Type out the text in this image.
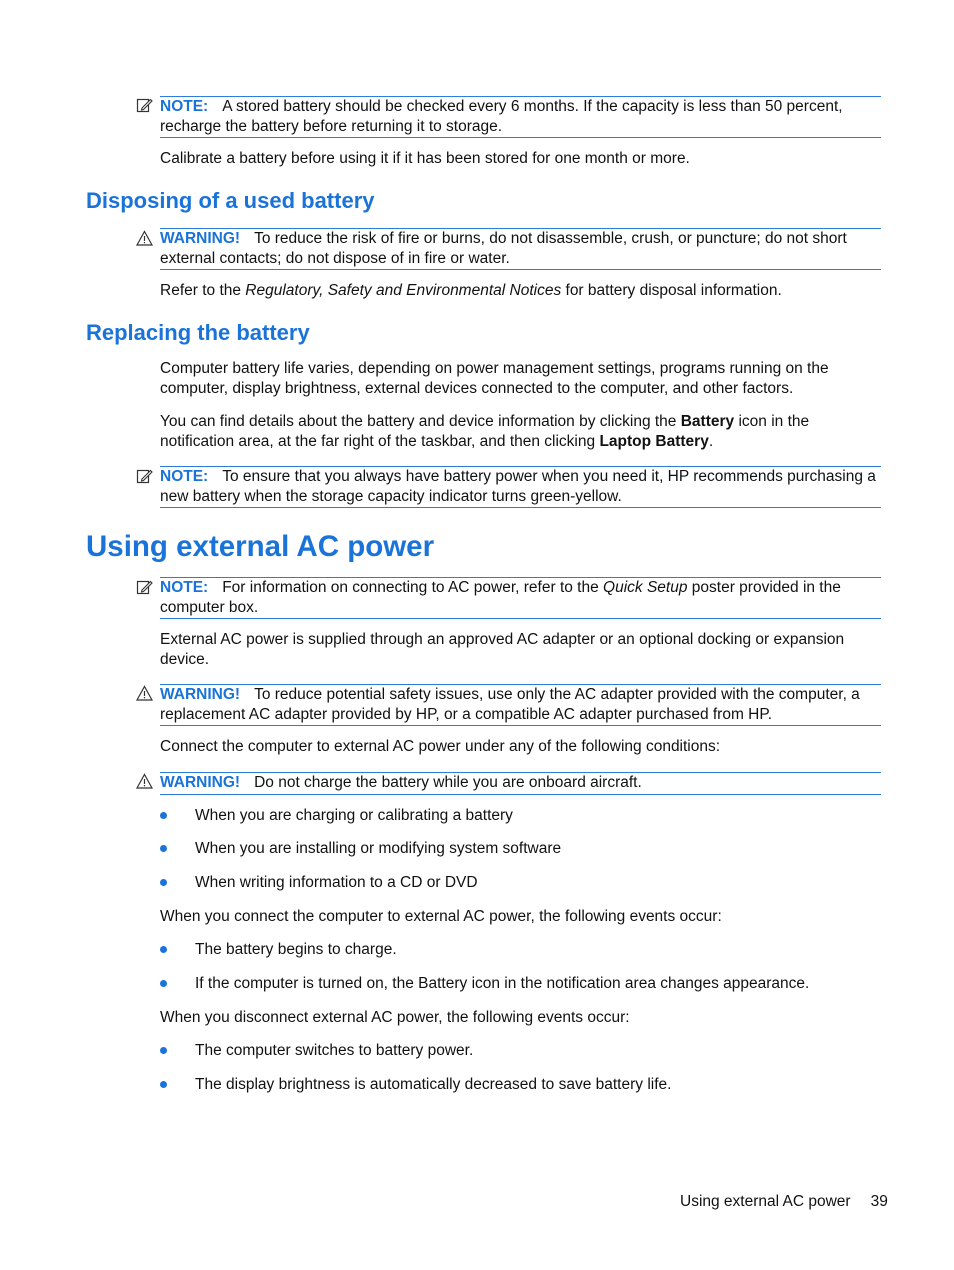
NOTE: A stored battery should be checked every 6 months. If the capacity is less than 50 percent, recharge the battery before returning it to storage.

Calibrate a battery before using it if it has been stored for one month or more.

Disposing of a used battery
WARNING! To reduce the risk of fire or burns, do not disassemble, crush, or puncture; do not short external contacts; do not dispose of in fire or water.

Refer to the Regulatory, Safety and Environmental Notices for battery disposal information.

Replacing the battery

Computer battery life varies, depending on power management settings, programs running on the computer, display brightness, external devices connected to the computer, and other factors.

You can find details about the battery and device information by clicking the Battery icon in the notification area, at the far right of the taskbar, and then clicking Laptop Battery.

NOTE: To ensure that you always have battery power when you need it, HP recommends purchasing a new battery when the storage capacity indicator turns green-yellow.
Using external AC power
NOTE: For information on connecting to AC power, refer to the Quick Setup poster provided in the computer box.

External AC power is supplied through an approved AC adapter or an optional docking or expansion device.

WARNING! To reduce potential safety issues, use only the AC adapter provided with the computer, a replacement AC adapter provided by HP, or a compatible AC adapter purchased from HP.

Connect the computer to external AC power under any of the following conditions:

WARNING! Do not charge the battery while you are onboard aircraft.
When you are charging or calibrating a battery
When you are installing or modifying system software
When writing information to a CD or DVD

When you connect the computer to external AC power, the following events occur:

The battery begins to charge.
If the computer is turned on, the Battery icon in the notification area changes appearance.

When you disconnect external AC power, the following events occur:

The computer switches to battery power.
The display brightness is automatically decreased to save battery life.
Using external AC power 39
